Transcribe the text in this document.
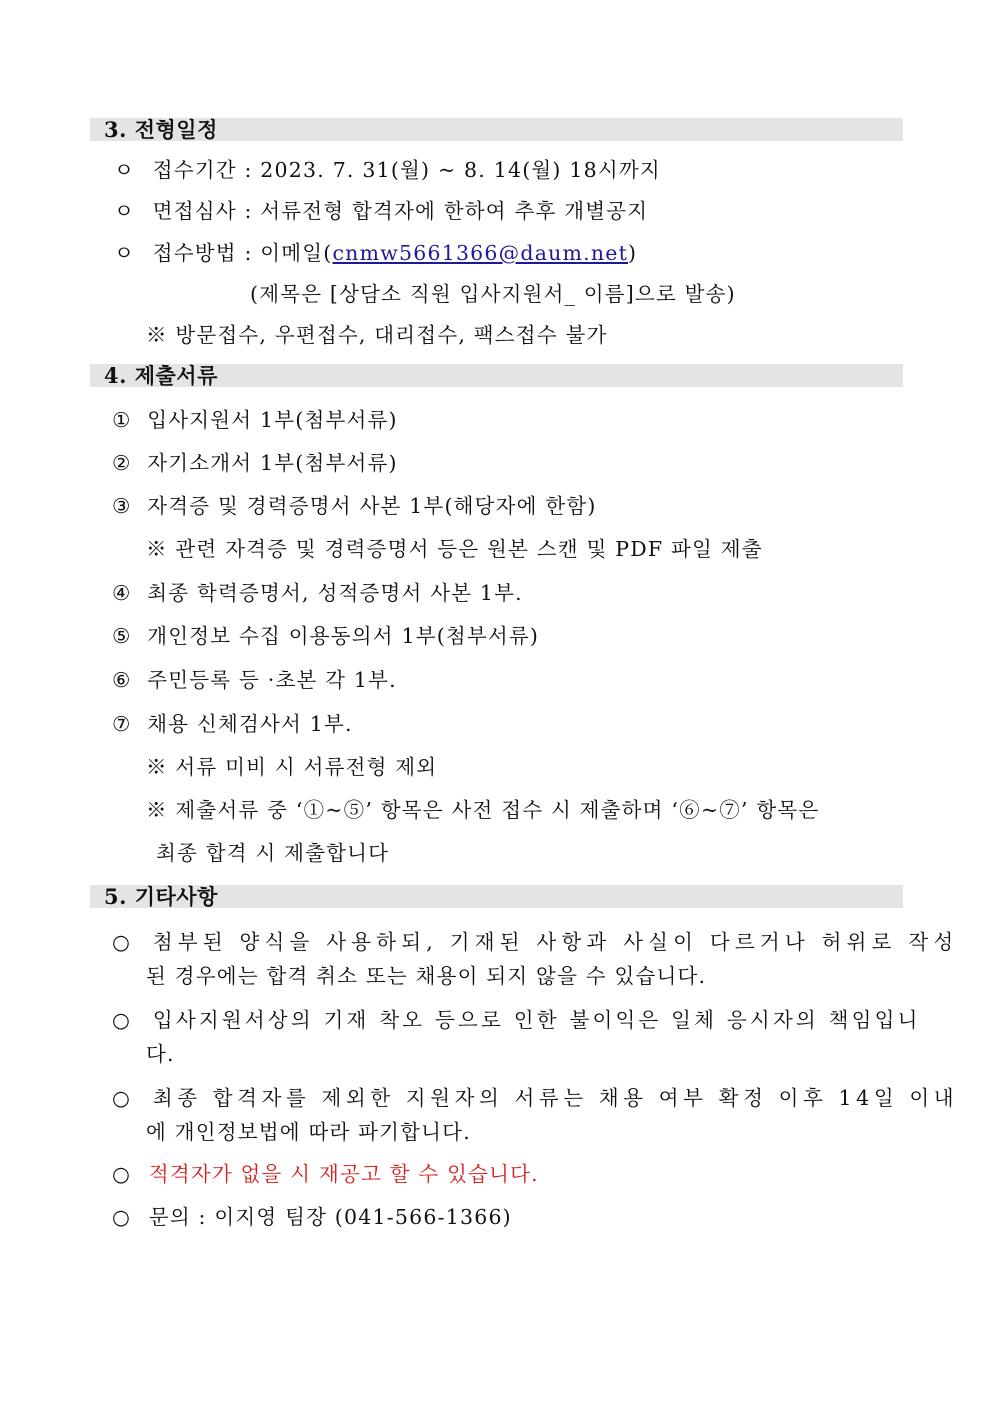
3. 전형일정
ㅇ 접수기간 : 2023. 7. 31(월) ~ 8. 14(월) 18시까지
ㅇ 면접심사 : 서류전형 합격자에 한하여 추후 개별공지
ㅇ 접수방법 : 이메일(cnmw5661366@daum.net)
(제목은 [상담소 직원 입사지원서_ 이름]으로 발송)
※ 방문접수, 우편접수, 대리접수, 팩스접수 불가
4. 제출서류
① 입사지원서 1부(첨부서류)
② 자기소개서 1부(첨부서류)
③ 자격증 및 경력증명서 사본 1부(해당자에 한함)
※ 관련 자격증 및 경력증명서 등은 원본 스캔 및 PDF 파일 제출
④ 최종 학력증명서, 성적증명서 사본 1부.
⑤ 개인정보 수집 이용동의서 1부(첨부서류)
⑥ 주민등록 등 ·초본 각 1부.
⑦ 채용 신체검사서 1부.
※ 서류 미비 시 서류전형 제외
※ 제출서류 중 ‘①~⑤’ 항목은 사전 접수 시 제출하며 ‘⑥~⑦’ 항목은
최종 합격 시 제출합니다
5. 기타사항
○ 첨부된 양식을 사용하되, 기재된 사항과 사실이 다르거나 허위로 작성
된 경우에는 합격 취소 또는 채용이 되지 않을 수 있습니다.
○ 입사지원서상의 기재 착오 등으로 인한 불이익은 일체 응시자의 책임입니
다.
○ 최종 합격자를 제외한 지원자의 서류는 채용 여부 확정 이후 14일 이내
에 개인정보법에 따라 파기합니다.
○ 적격자가 없을 시 재공고 할 수 있습니다.
○ 문의 : 이지영 팀장 (041-566-1366)
